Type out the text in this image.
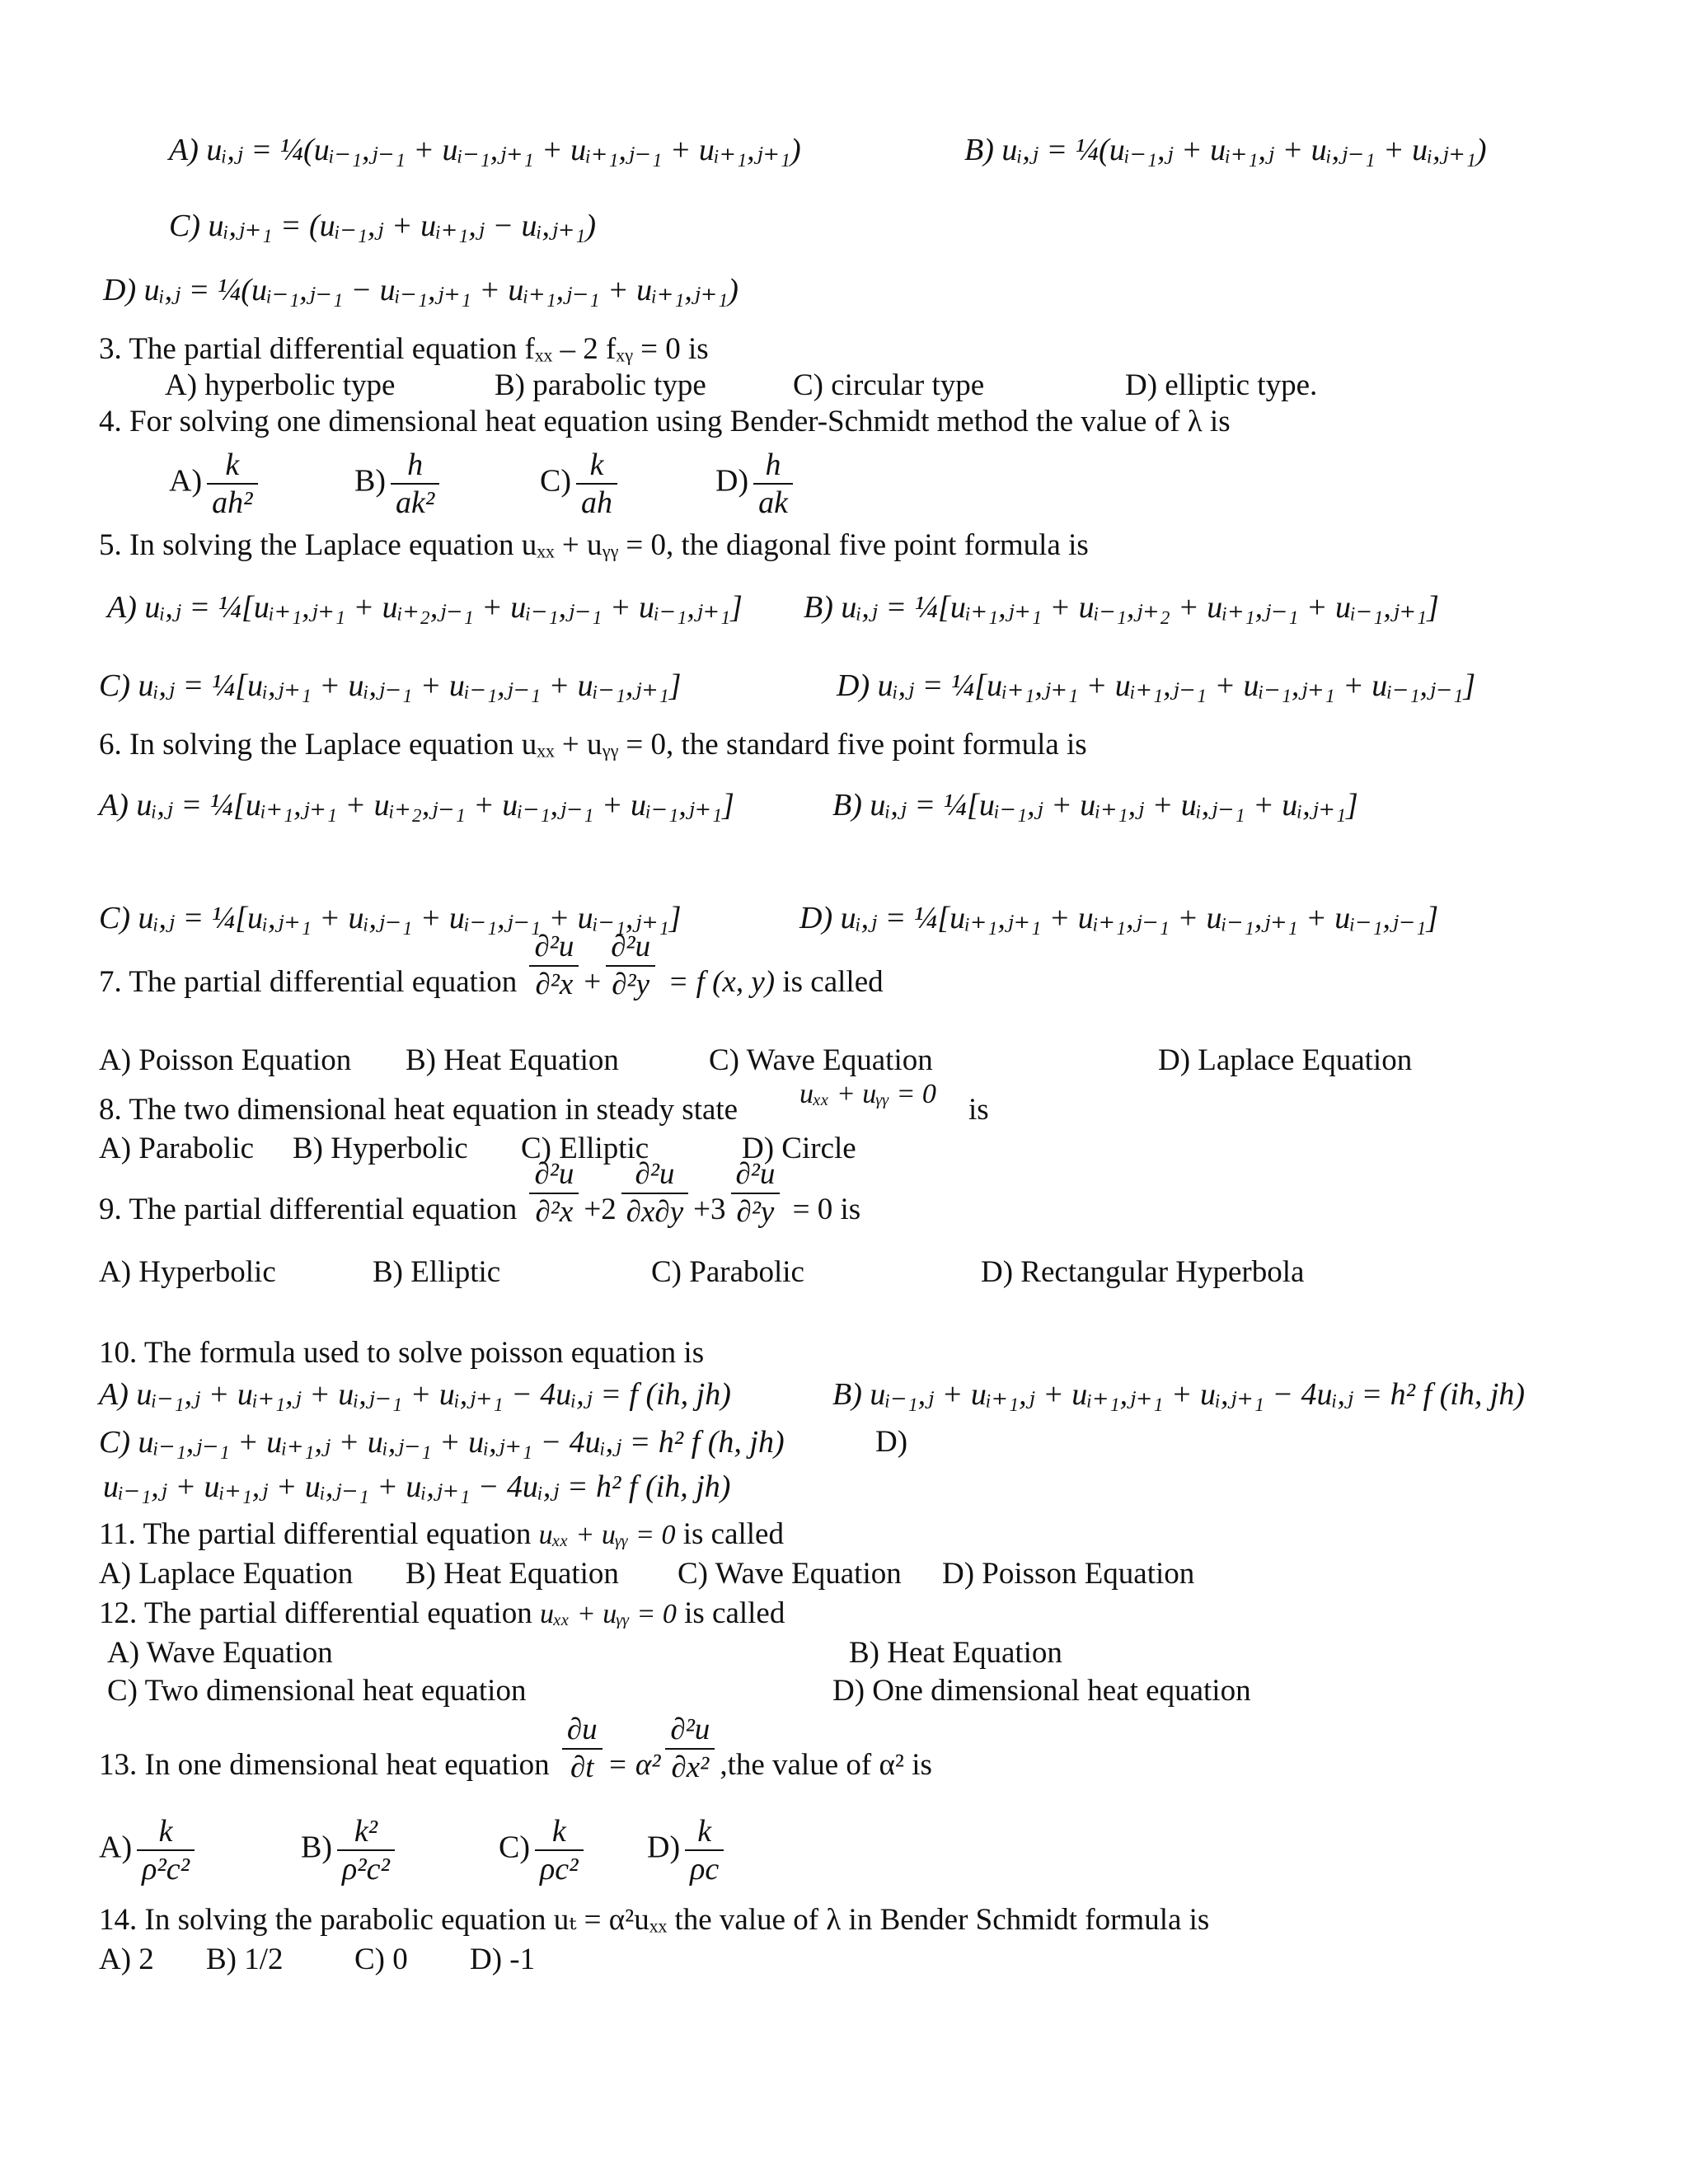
A) uᵢ,ⱼ = ¼(uᵢ₋₁,ⱼ₋₁ + uᵢ₋₁,ⱼ₊₁ + uᵢ₊₁,ⱼ₋₁ + uᵢ₊₁,ⱼ₊₁)	B) uᵢ,ⱼ = ¼(uᵢ₋₁,ⱼ + uᵢ₊₁,ⱼ + uᵢ,ⱼ₋₁ + uᵢ,ⱼ₊₁)
C) uᵢ,ⱼ₊₁ = (uᵢ₋₁,ⱼ + uᵢ₊₁,ⱼ − uᵢ,ⱼ₊₁)
D) uᵢ,ⱼ = ¼(uᵢ₋₁,ⱼ₋₁ − uᵢ₋₁,ⱼ₊₁ + uᵢ₊₁,ⱼ₋₁ + uᵢ₊₁,ⱼ₊₁)
3. The partial differential equation fₓₓ – 2 fₓᵧ = 0 is
A) hyperbolic type	B) parabolic type	C) circular type	D) elliptic type.
4. For solving one dimensional heat equation using Bender-Schmidt method the value of λ is
$A) \frac{k}{\text{ah²}}$	$B) \frac{h}{\text{ak²}}$	$C) \frac{k}{ah}$	$D) \frac{h}{ak}$
5. In solving the Laplace equation uₓₓ + uᵧᵧ = 0, the diagonal five point formula is
A) uᵢ,ⱼ = ¼[uᵢ₊₁,ⱼ₊₁ + uᵢ₊₂,ⱼ₋₁ + uᵢ₋₁,ⱼ₋₁ + uᵢ₋₁,ⱼ₊₁] B) uᵢ,ⱼ = ¼[uᵢ₊₁,ⱼ₊₁ + uᵢ₋₁,ⱼ₊₂ + uᵢ₊₁,ⱼ₋₁ + uᵢ₋₁,ⱼ₊₁]
C) uᵢ,ⱼ = ¼[uᵢ,ⱼ₊₁ + uᵢ,ⱼ₋₁ + uᵢ₋₁,ⱼ₋₁ + uᵢ₋₁,ⱼ₊₁]	D) uᵢ,ⱼ = ¼[uᵢ₊₁,ⱼ₊₁ + uᵢ₊₁,ⱼ₋₁ + uᵢ₋₁,ⱼ₊₁ + uᵢ₋₁,ⱼ₋₁]
6. In solving the Laplace equation uₓₓ + uᵧᵧ = 0, the standard five point formula is
A) uᵢ,ⱼ = ¼[uᵢ₊₁,ⱼ₊₁ + uᵢ₊₂,ⱼ₋₁ + uᵢ₋₁,ⱼ₋₁ + uᵢ₋₁,ⱼ₊₁]	B) uᵢ,ⱼ = ¼[uᵢ₋₁,ⱼ + uᵢ₊₁,ⱼ + uᵢ,ⱼ₋₁ + uᵢ,ⱼ₊₁]
C) uᵢ,ⱼ = ¼[uᵢ,ⱼ₊₁ + uᵢ,ⱼ₋₁ + uᵢ₋₁,ⱼ₋₁ + uᵢ₋₁,ⱼ₊₁]	D) uᵢ,ⱼ = ¼[uᵢ₊₁,ⱼ₊₁ + uᵢ₊₁,ⱼ₋₁ + uᵢ₋₁,ⱼ₊₁ + uᵢ₋₁,ⱼ₋₁]
7. The partial differential equation $\frac{\text{∂²u}}{\text{∂²x}} + \frac{\text{∂²u}}{\text{∂²y}} = f$ (x, y) is called
A) Poisson Equation B) Heat Equation	C) Wave Equation	D) Laplace Equation
8. The two dimensional heat equation in steady state uₓₓ + uᵧᵧ = 0 is
A) Parabolic B) Hyperbolic C) Elliptic	D) Circle
9. The partial differential equation $\frac{\text{∂²u}}{\text{∂²x}} +2 \frac{\text{∂²u}}{\partial x\partial y} +3 \frac{\text{∂²u}}{\text{∂²y}} = 0$ is
A) Hyperbolic	B) Elliptic	C) Parabolic	D) Rectangular Hyperbola
10. The formula used to solve poisson equation is
A) uᵢ₋₁,ⱼ + uᵢ₊₁,ⱼ + uᵢ,ⱼ₋₁ + uᵢ,ⱼ₊₁ − 4uᵢ,ⱼ = f (ih, jh)	B) uᵢ₋₁,ⱼ + uᵢ₊₁,ⱼ + uᵢ₊₁,ⱼ₊₁ + uᵢ,ⱼ₊₁ − 4uᵢ,ⱼ = h² f (ih, jh)
C) uᵢ₋₁,ⱼ₋₁ + uᵢ₊₁,ⱼ + uᵢ,ⱼ₋₁ + uᵢ,ⱼ₊₁ − 4uᵢ,ⱼ = h² f (h, jh)	D)
uᵢ₋₁,ⱼ + uᵢ₊₁,ⱼ + uᵢ,ⱼ₋₁ + uᵢ,ⱼ₊₁ − 4uᵢ,ⱼ = h² f (ih, jh)
11. The partial differential equation uₓₓ + uᵧᵧ = 0 is called
A) Laplace Equation B) Heat Equation C) Wave Equation D) Poisson Equation
12. The partial differential equation uₓₓ + uᵧᵧ = 0 is called
A) Wave Equation	B) Heat Equation
C) Two dimensional heat equation	D) One dimensional heat equation
13. In one dimensional heat equation $\frac{\partial u}{\partial t} = \alpha^2 \frac{\text{∂²u}}{\text{∂x²}} ,the$ value of α² is
$A) \frac{k}{\text{ρ²c²}}$	$B) \frac{\text{k²}}{\text{ρ²c²}}$	$C) \frac{k}{\text{ρc²}} D) \frac{k}{\rho c}$
14. In solving the parabolic equation uₜ = α²uₓₓ the value of λ in Bender Schmidt formula is
A) 2 B) 1/2 C) 0 D) -1
